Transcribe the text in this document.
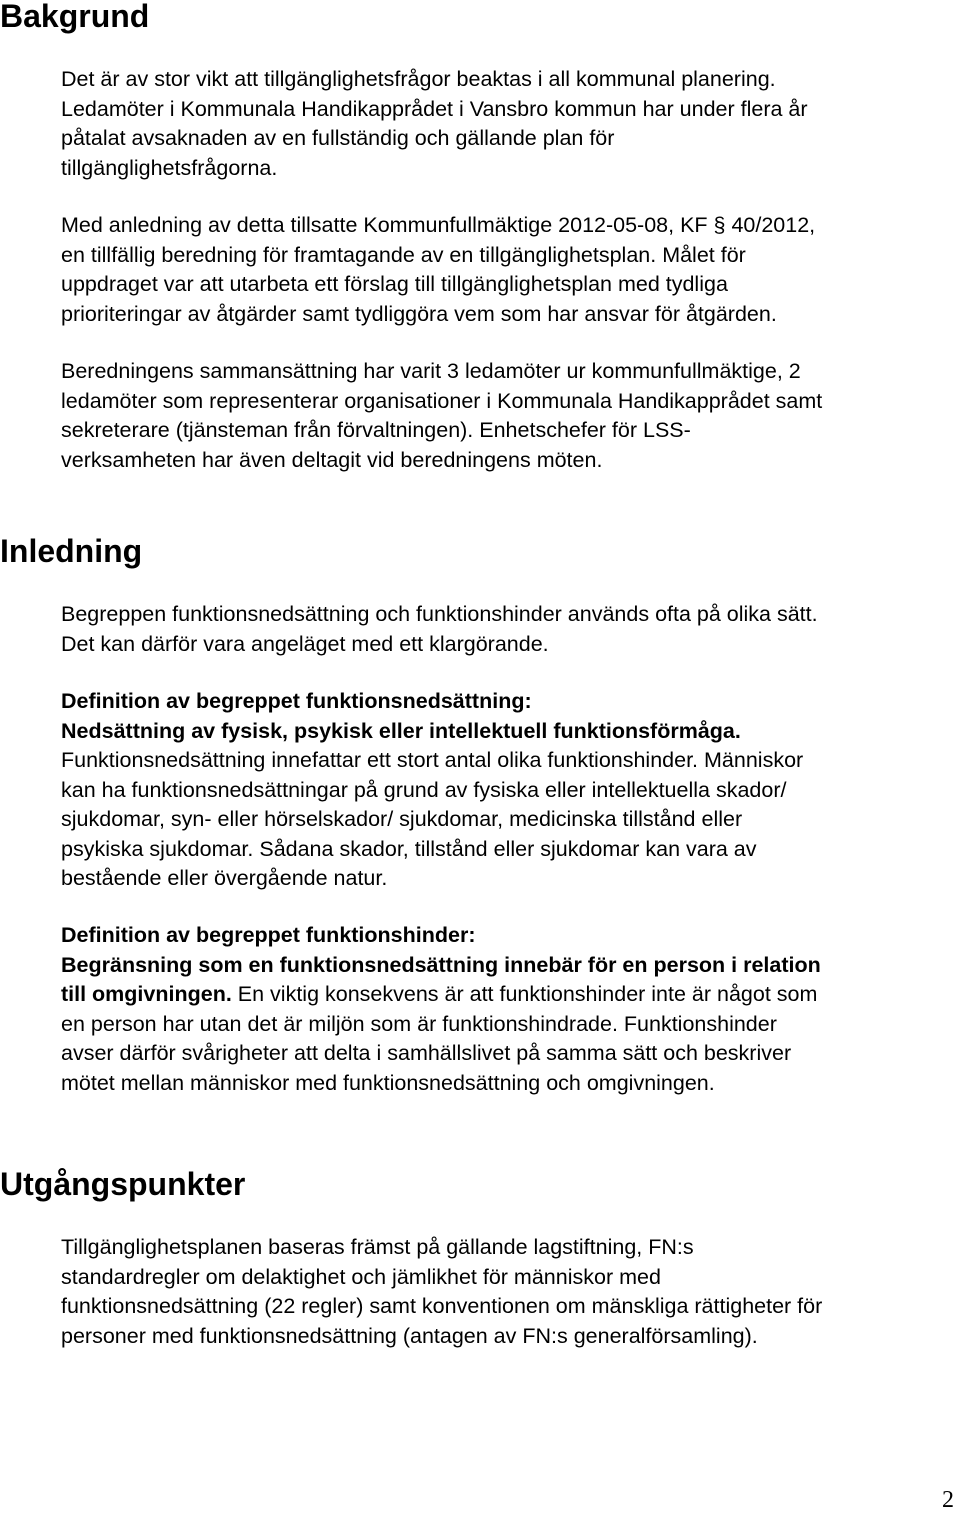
Bakgrund
Det är av stor vikt att tillgänglighetsfrågor beaktas i all kommunal planering.
Ledamöter i Kommunala Handikapprådet i Vansbro kommun har under flera år
påtalat avsaknaden av en fullständig och gällande plan för
tillgänglighetsfrågorna.
Med anledning av detta tillsatte Kommunfullmäktige 2012-05-08, KF § 40/2012,
en tillfällig beredning för framtagande av en tillgänglighetsplan. Målet för
uppdraget var att utarbeta ett förslag till tillgänglighetsplan med tydliga
prioriteringar av åtgärder samt tydliggöra vem som har ansvar för åtgärden.
Beredningens sammansättning har varit 3 ledamöter ur kommunfullmäktige, 2
ledamöter som representerar organisationer i Kommunala Handikapprådet samt
sekreterare (tjänsteman från förvaltningen). Enhetschefer för LSS-
verksamheten har även deltagit vid beredningens möten.
Inledning
Begreppen funktionsnedsättning och funktionshinder används ofta på olika sätt.
Det kan därför vara angeläget med ett klargörande.
Definition av begreppet funktionsnedsättning:
Nedsättning av fysisk, psykisk eller intellektuell funktionsförmåga.
Funktionsnedsättning innefattar ett stort antal olika funktionshinder. Människor
kan ha funktionsnedsättningar på grund av fysiska eller intellektuella skador/
sjukdomar, syn- eller hörselskador/ sjukdomar, medicinska tillstånd eller
psykiska sjukdomar. Sådana skador, tillstånd eller sjukdomar kan vara av
bestående eller övergående natur.
Definition av begreppet funktionshinder:
Begränsning som en funktionsnedsättning innebär för en person i relation
till omgivningen. En viktig konsekvens är att funktionshinder inte är något som
en person har utan det är miljön som är funktionshindrade. Funktionshinder
avser därför svårigheter att delta i samhällslivet på samma sätt och beskriver
mötet mellan människor med funktionsnedsättning och omgivningen.
Utgångspunkter
Tillgänglighetsplanen baseras främst på gällande lagstiftning, FN:s
standardregler om delaktighet och jämlikhet för människor med
funktionsnedsättning (22 regler) samt konventionen om mänskliga rättigheter för
personer med funktionsnedsättning (antagen av FN:s generalförsamling).
2
